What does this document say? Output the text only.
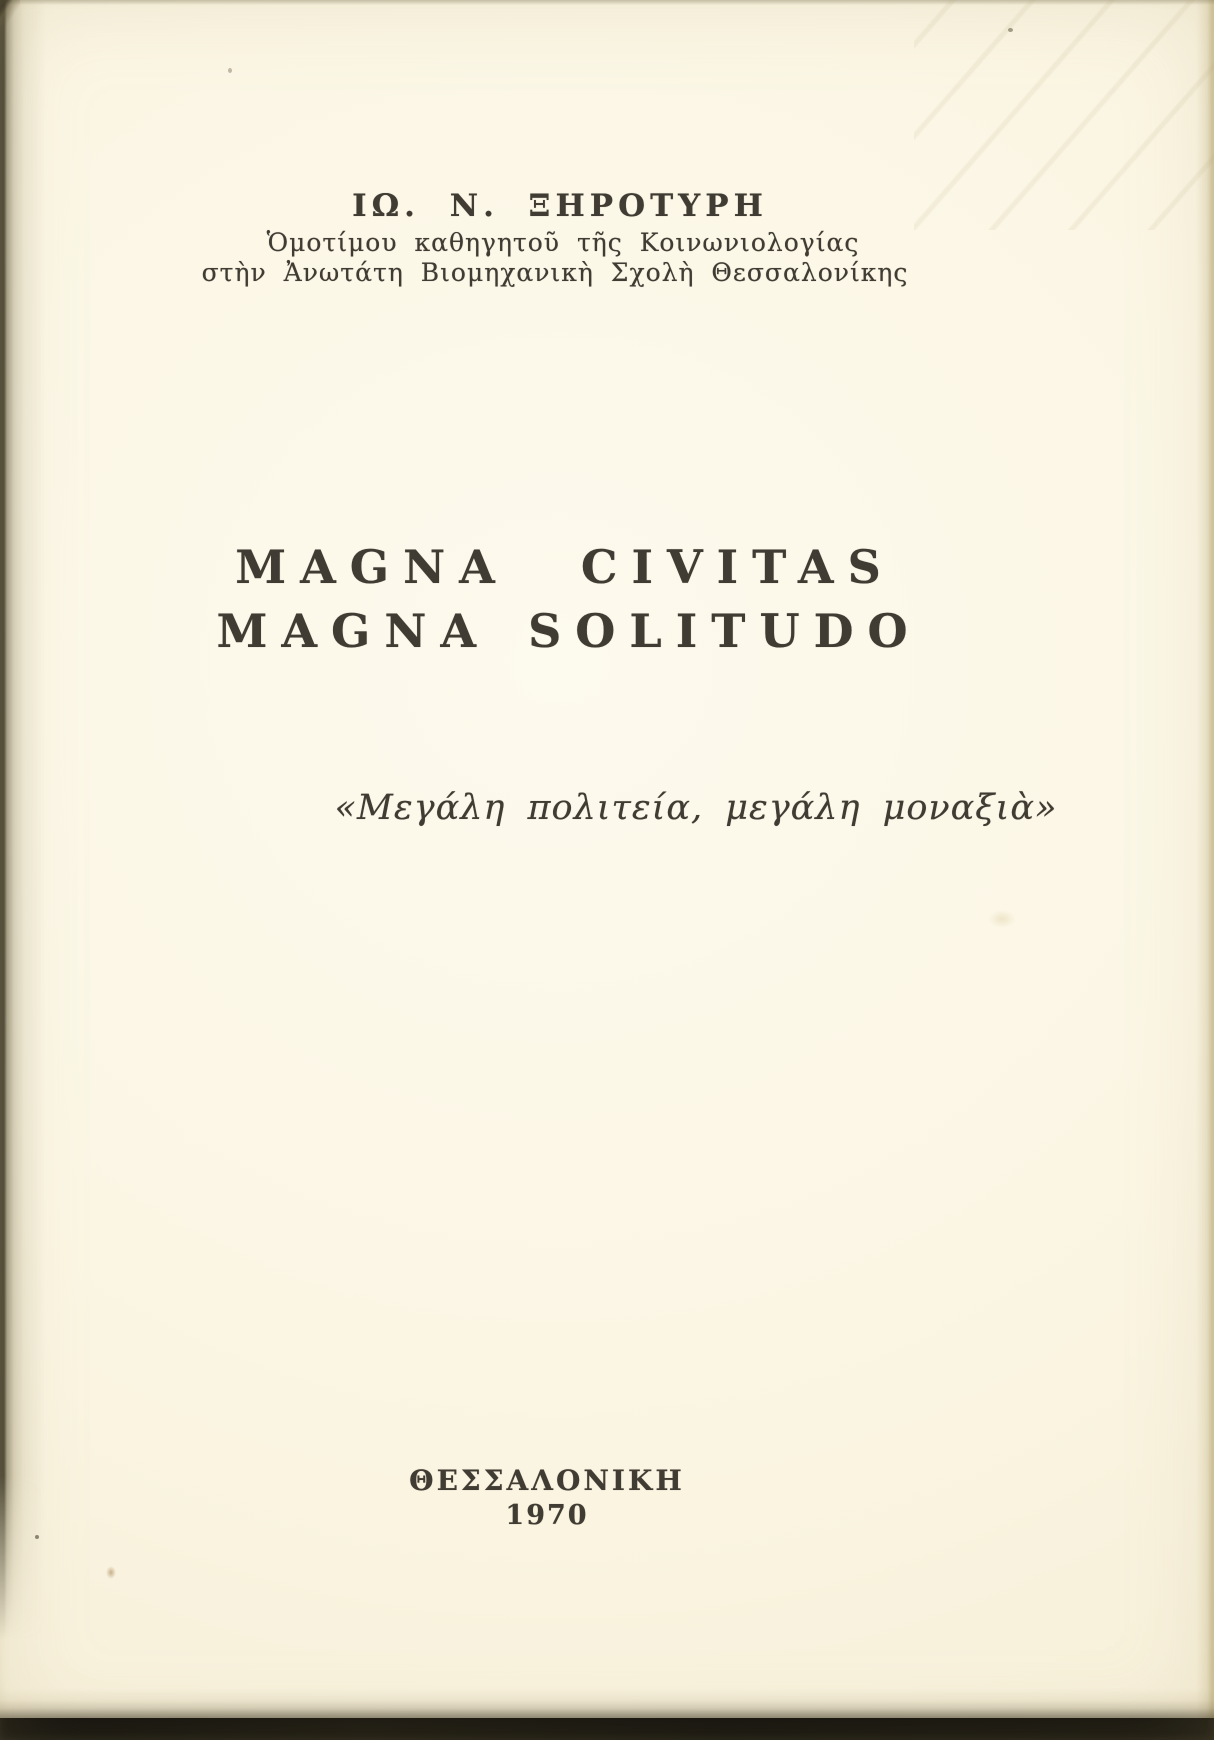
ΙΩ. Ν. ΞΗΡΟΤΥΡΗ
Ὁμοτίμου καθηγητοῦ τῆς Κοινωνιολογίας
στὴν Ἀνωτάτη Βιομηχανικὴ Σχολὴ Θεσσαλονίκης
MAGNA CIVITAS
MAGNA SOLITUDO
«Μεγάλη πολιτεία, μεγάλη μοναξιὰ»
ΘΕΣΣΑΛΟΝΙΚΗ
1970
